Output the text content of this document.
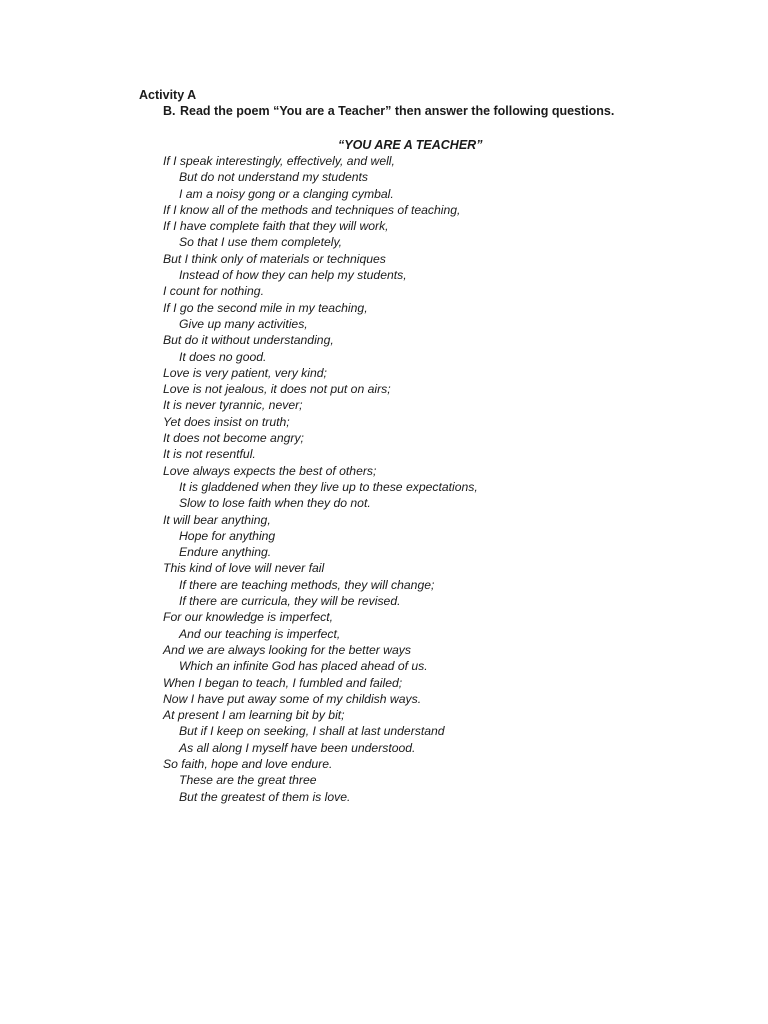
Activity A
B. Read the poem “You are a Teacher” then answer the following questions.
“YOU ARE A TEACHER”
If I speak interestingly, effectively, and well,
But do not understand my students
I am a noisy gong or a clanging cymbal.
If I know all of the methods and techniques of teaching,
If I have complete faith that they will work,
So that I use them completely,
But I think only of materials or techniques
Instead of how they can help my students,
I count for nothing.
If I go the second mile in my teaching,
Give up many activities,
But do it without understanding,
It does no good.
Love is very patient, very kind;
Love is not jealous, it does not put on airs;
It is never tyrannic, never;
Yet does insist on truth;
It does not become angry;
It is not resentful.
Love always expects the best of others;
It is gladdened when they live up to these expectations,
Slow to lose faith when they do not.
It will bear anything,
Hope for anything
Endure anything.
This kind of love will never fail
If there are teaching methods, they will change;
If there are curricula, they will be revised.
For our knowledge is imperfect,
And our teaching is imperfect,
And we are always looking for the better ways
Which an infinite God has placed ahead of us.
When I began to teach, I fumbled and failed;
Now I have put away some of my childish ways.
At present I am learning bit by bit;
But if I keep on seeking, I shall at last understand
As all along I myself have been understood.
So faith, hope and love endure.
These are the great three
But the greatest of them is love.
